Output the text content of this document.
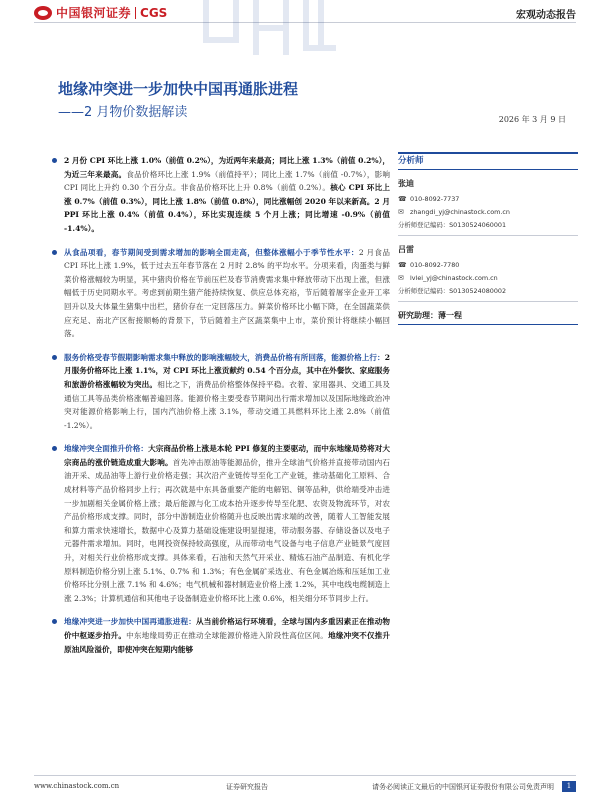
中国银河证券 CGS	宏观动态报告
地缘冲突进一步加快中国再通胀进程
——2 月物价数据解读	2026 年 3 月 9 日
2 月份 CPI 环比上涨 1.0%（前值 0.2%），为近两年来最高；同比上涨 1.3%（前值 0.2%），为近三年来最高。食品价格环比上涨 1.9%（前值持平）；同比上涨 1.7%（前值 -0.7%），影响 CPI 同比上升约 0.30 个百分点。非食品价格环比上升 0.8%（前值 0.2%）。核心 CPI 环比上涨 0.7%（前值 0.3%），同比上涨 1.8%（前值 0.8%），同比涨幅创 2020 年以来新高。2 月 PPI 环比上涨 0.4%（前值 0.4%），环比实现连续 5 个月上涨；同比增速 -0.9%（前值 -1.4%）。
从食品项看，春节期间受到需求增加的影响全面走高，但整体涨幅小于季节性水平：2 月食品 CPI 环比上涨 1.9%，低于过去五年春节落在 2 月时 2.8% 的平均水平。分项来看，肉蛋类与鲜菜价格涨幅较为明显，其中猪肉价格在节前压栏及春节消费需求集中释放带动下出现上涨，但涨幅低于历史同期水平。考虑到前期生猪产能持续恢复、供应总体充裕，节后随着屠宰企业开工率回升以及大体量生猪集中出栏，猪价存在一定回落压力。鲜菜价格环比小幅下降，在全国蔬菜供应充足、南北产区衔接顺畅的背景下，节后随着主产区蔬菜集中上市，菜价预计将继续小幅回落。
服务价格受春节假期影响需求集中释放的影响涨幅较大，消费品价格有所回落，能源价格上行：2 月服务价格环比上涨 1.1%，对 CPI 环比上涨贡献约 0.54 个百分点，其中在外餐饮、家庭服务和旅游价格涨幅较为突出。相比之下，消费品价格整体保持平稳。衣着、家用器具、交通工具及通信工具等品类价格涨幅普遍回落。能源价格主要受春节期间出行需求增加以及国际地缘政治冲突对能源价格影响上行，国内汽油价格上涨 3.1%，带动交通工具燃料环比上涨 2.8%（前值 -1.2%）。
地缘冲突全面推升价格：大宗商品价格上涨是本轮 PPI 修复的主要驱动，而中东地缘局势将对大宗商品的涨价链造成重大影响。首先冲击原油等能源品价，推升全球油气价格并直接带动国内石油开采、成品油等上游行业价格走强；其次沿产业链传导至化工产业链，推动基础化工原料、合成材料等产品价格同步上行；再次就是中东具备重要产能的电解铝、铜等品种，供给端受冲击进一步加剧相关金属价格上涨；最后能源与化工成本抬升逐步传导至化肥、农资及物流环节，对农产品价格形成支撑。同时，部分中游制造业价格随升也反映出需求端的改善，随着人工智能发展和算力需求快速增长，数据中心及算力基础设施建设明显提速，带动服务器、存储设备以及电子元器件需求增加。同时，电网投资保持较高强度，从而带动电气设备与电子信息产业链景气度回升，对相关行业价格形成支撑。具体来看，石油和天然气开采业、精炼石油产品制造、有机化学原料制造价格分别上涨 5.1%、0.7% 和 1.3%；有色金属矿采选业、有色金属冶炼和压延加工业价格环比分别上涨 7.1% 和 4.6%；电气机械和器材制造业价格上涨 1.2%，其中电线电缆制造上涨 2.3%；计算机通信和其他电子设备制造业价格环比上涨 0.6%，相关细分环节同步上行。
地缘冲突进一步加快中国再通胀进程：从当前价格运行环境看，全球与国内多重因素正在推动物价中枢逐步抬升。中东地缘局势正在推动全球能源价格进入阶段性高位区间。地缘冲突不仅推升原油风险溢价，即使冲突在短期内能够
分析师
张迪
☎ 010-8092-7737
✉ zhangdi_yj@chinastock.com.cn
分析师登记编码： S0130524060001
吕雷
☎ 010-8092-7780
✉ lvlei_yj@chinastock.com.cn
分析师登记编码： S0130524080002
研究助理：薄一程
www.chinastock.com.cn	证券研究报告	请务必阅读正文最后的中国银河证券股份有限公司免责声明	1
